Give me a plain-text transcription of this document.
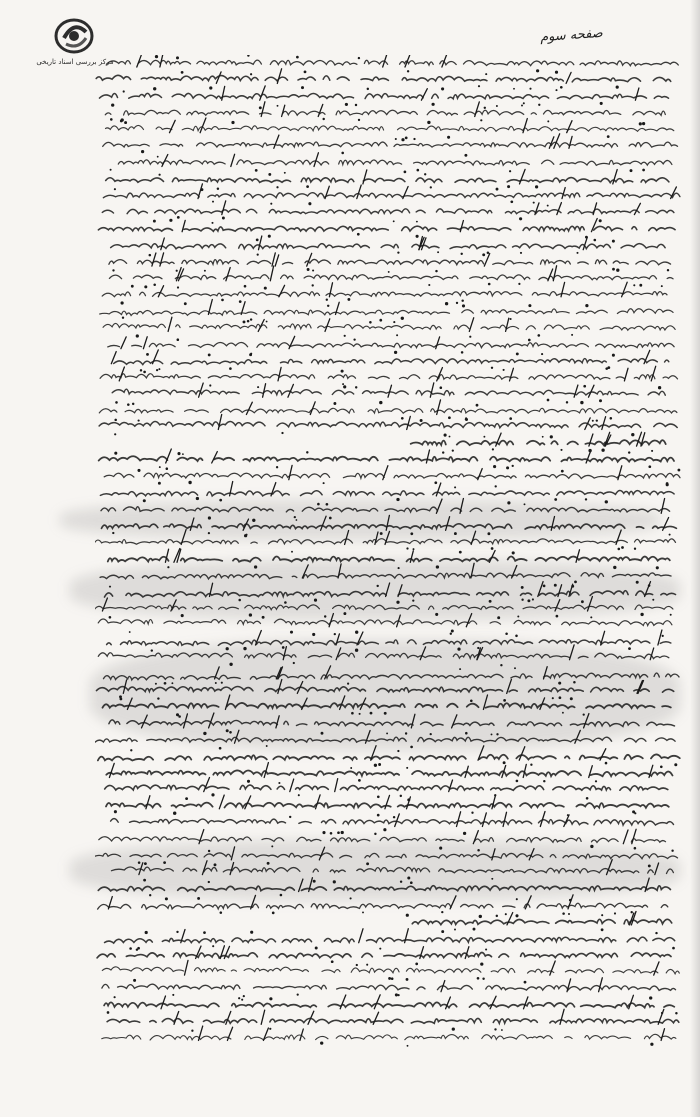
مرکز بررسی اسناد تاریخی
صفحه سوم
